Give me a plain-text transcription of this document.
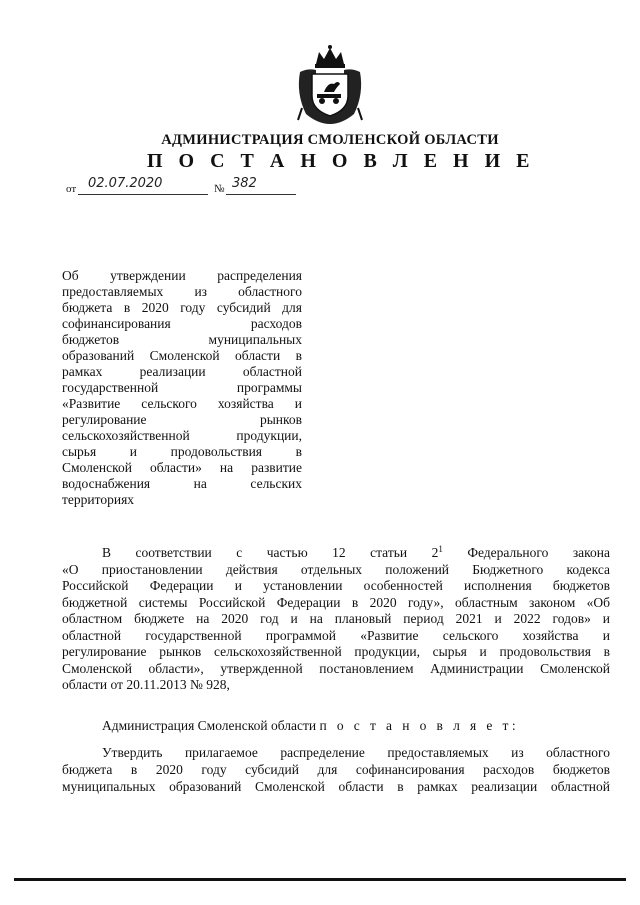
АДМИНИСТРАЦИЯ СМОЛЕНСКОЙ ОБЛАСТИ
П О С Т А Н О В Л Е Н И Е
от 02.07.2020	№ 382
Об утверждении распределения
предоставляемых из областного
бюджета в 2020 году субсидий для
софинансирования расходов
бюджетов муниципальных
образований Смоленской области в
рамках реализации областной
государственной программы
«Развитие сельского хозяйства и
регулирование рынков
сельскохозяйственной продукции,
сырья и продовольствия в
Смоленской области» на развитие
водоснабжения на сельских
территориях
В соответствии с частью 12 статьи $2^1$ Федерального закона
«О приостановлении действия отдельных положений Бюджетного кодекса
Российской Федерации и установлении особенностей исполнения бюджетов
бюджетной системы Российской Федерации в 2020 году», областным законом «Об
областном бюджете на 2020 год и на плановый период 2021 и 2022 годов» и
областной государственной программой «Развитие сельского хозяйства и
регулирование рынков сельскохозяйственной продукции, сырья и продовольствия в
Смоленской области», утвержденной постановлением Администрации Смоленской
области от 20.11.2013 № 928,
Администрация Смоленской области п о с т а н о в л я е т:
Утвердить прилагаемое распределение предоставляемых из областного
бюджета в 2020 году субсидий для софинансирования расходов бюджетов
муниципальных образований Смоленской области в рамках реализации областной
